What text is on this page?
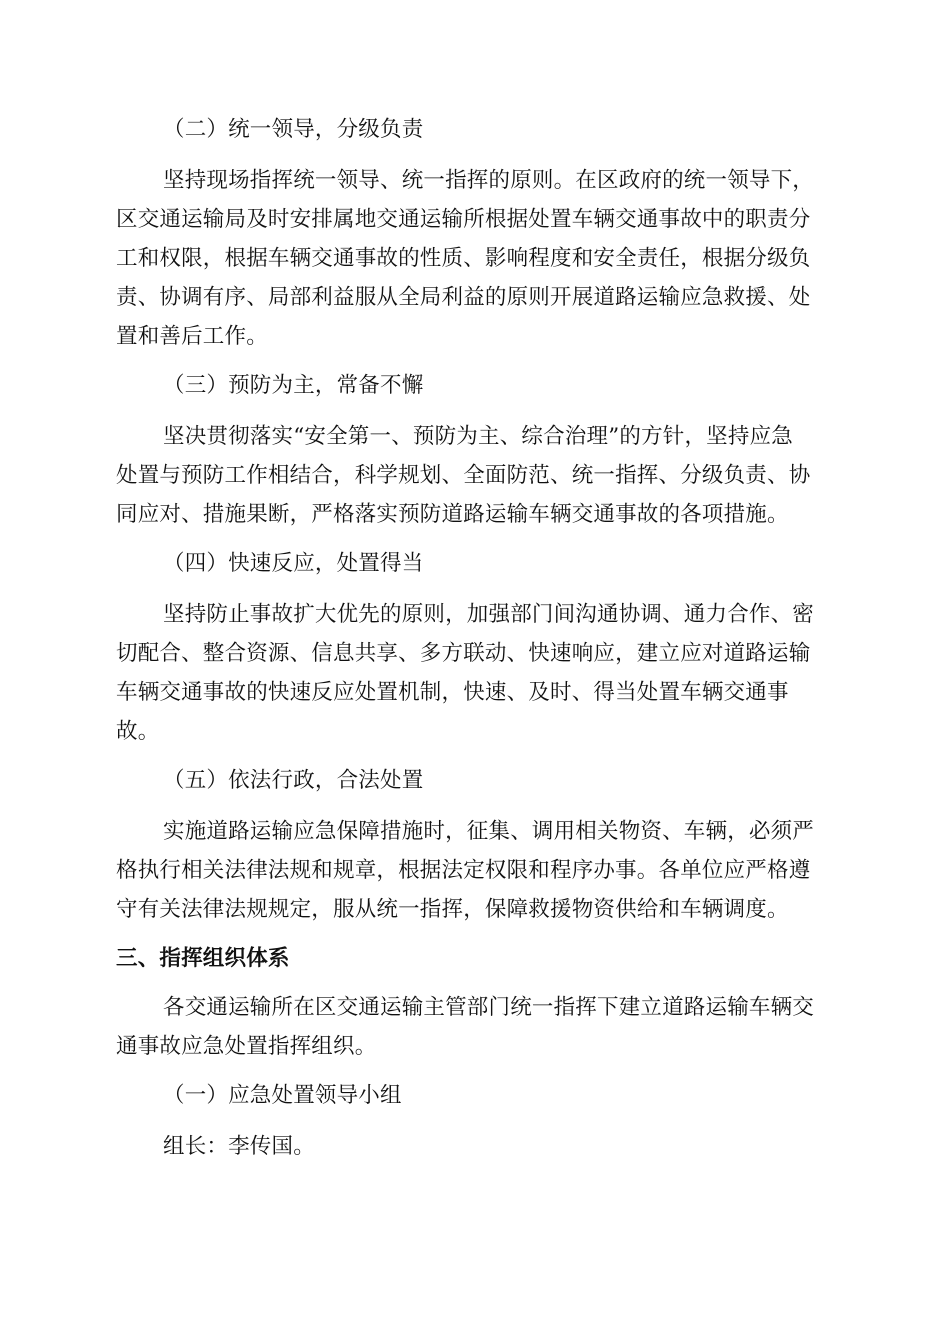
（二）统一领导，分级负责
坚持现场指挥统一领导、统一指挥的原则。在区政府的统一领导下，
区交通运输局及时安排属地交通运输所根据处置车辆交通事故中的职责分
工和权限，根据车辆交通事故的性质、影响程度和安全责任，根据分级负
责、协调有序、局部利益服从全局利益的原则开展道路运输应急救援、处
置和善后工作。
（三）预防为主，常备不懈
坚决贯彻落实“安全第一、预防为主、综合治理”的方针，坚持应急
处置与预防工作相结合，科学规划、全面防范、统一指挥、分级负责、协
同应对、措施果断，严格落实预防道路运输车辆交通事故的各项措施。
（四）快速反应，处置得当
坚持防止事故扩大优先的原则，加强部门间沟通协调、通力合作、密
切配合、整合资源、信息共享、多方联动、快速响应，建立应对道路运输
车辆交通事故的快速反应处置机制，快速、及时、得当处置车辆交通事
故。
（五）依法行政，合法处置
实施道路运输应急保障措施时，征集、调用相关物资、车辆，必须严
格执行相关法律法规和规章，根据法定权限和程序办事。各单位应严格遵
守有关法律法规规定，服从统一指挥，保障救援物资供给和车辆调度。
三、指挥组织体系
各交通运输所在区交通运输主管部门统一指挥下建立道路运输车辆交
通事故应急处置指挥组织。
（一）应急处置领导小组
组长：李传国。
